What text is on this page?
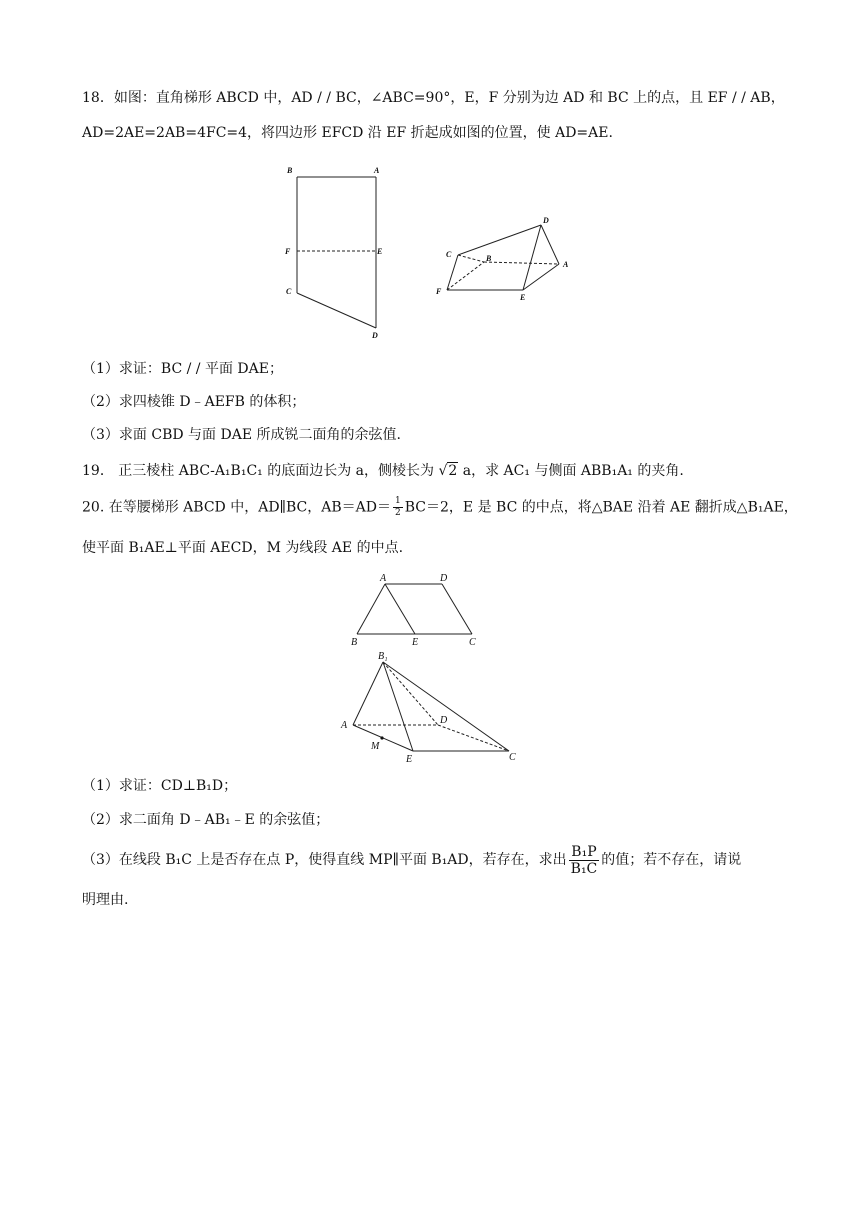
18．如图：直角梯形 ABCD 中，AD / / BC，∠ABC=90°，E，F 分别为边 AD 和 BC 上的点，且 EF / / AB，
AD=2AE=2AB=4FC=4，将四边形 EFCD 沿 EF 折起成如图的位置，使 AD=AE.
B	A
F	E
C
D
D
C	B
A
F
E
（1）求证：BC / / 平面 DAE；
（2）求四棱锥 D﹣AEFB 的体积；
（3）求面 CBD 与面 DAE 所成锐二面角的余弦值.
19． 正三棱柱 ABC-A₁B₁C₁ 的底面边长为 a，侧棱长为 √2 a，求 AC₁ 与侧面 ABB₁A₁ 的夹角.
20. 在等腰梯形 ABCD 中，AD∥BC，$AB=AD= \frac{1}{2} BC=2$，E 是 BC 的中点，将△BAE 沿着 AE 翻折成△B₁AE，
使平面 B₁AE⊥平面 AECD，M 为线段 AE 的中点.
A	D
B	E	C
B₁
A	D
M
E	C
（1）求证：CD⊥B₁D；
（2）求二面角 D﹣AB₁﹣E 的余弦值；
（3）在线段 B₁C 上是否存在点 P，使得直线 MP∥平面 B₁AD，若存在，求出 $\frac{\text{B₁P}}{\text{B₁C}}$ 的值；若不存在，请说
明理由.
